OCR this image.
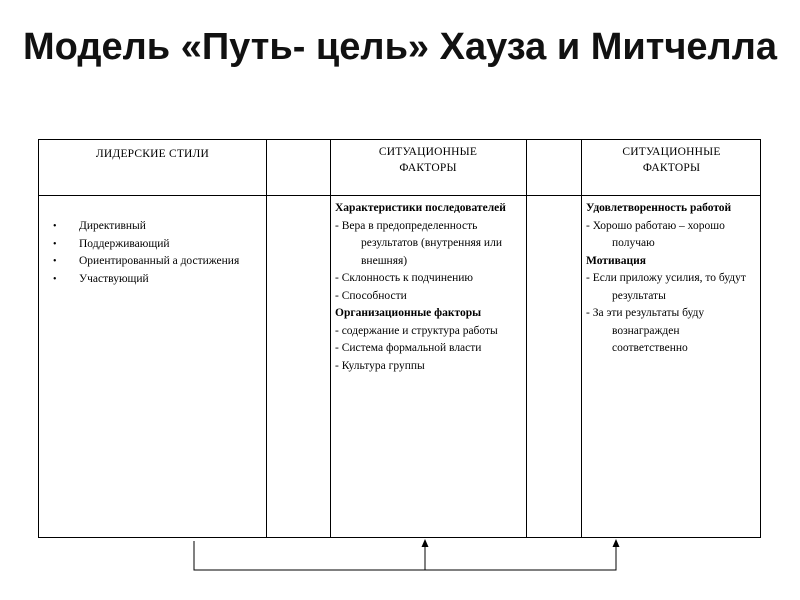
Модель «Путь- цель» Хауза и Митчелла
ЛИДЕРСКИЕ СТИЛИ	СИТУАЦИОННЫЕ ФАКТОРЫ
СИТУАЦИОННЫЕ ФАКТОРЫ
• Директивный
• Поддерживающий
• Ориентированный а достижения
• Участвующий
Характеристики последователей
- Вера в предопределенность результатов (внутренняя или внешняя)
- Склонность к подчинению
- Способности
Организационные факторы
- содержание и структура работы
- Система формальной власти
- Культура группы
Удовлетворенность работой
- Хорошо работаю – хорошо получаю
Мотивация
- Если приложу усилия, то будут результаты
- За эти результаты буду вознагражден соответственно
